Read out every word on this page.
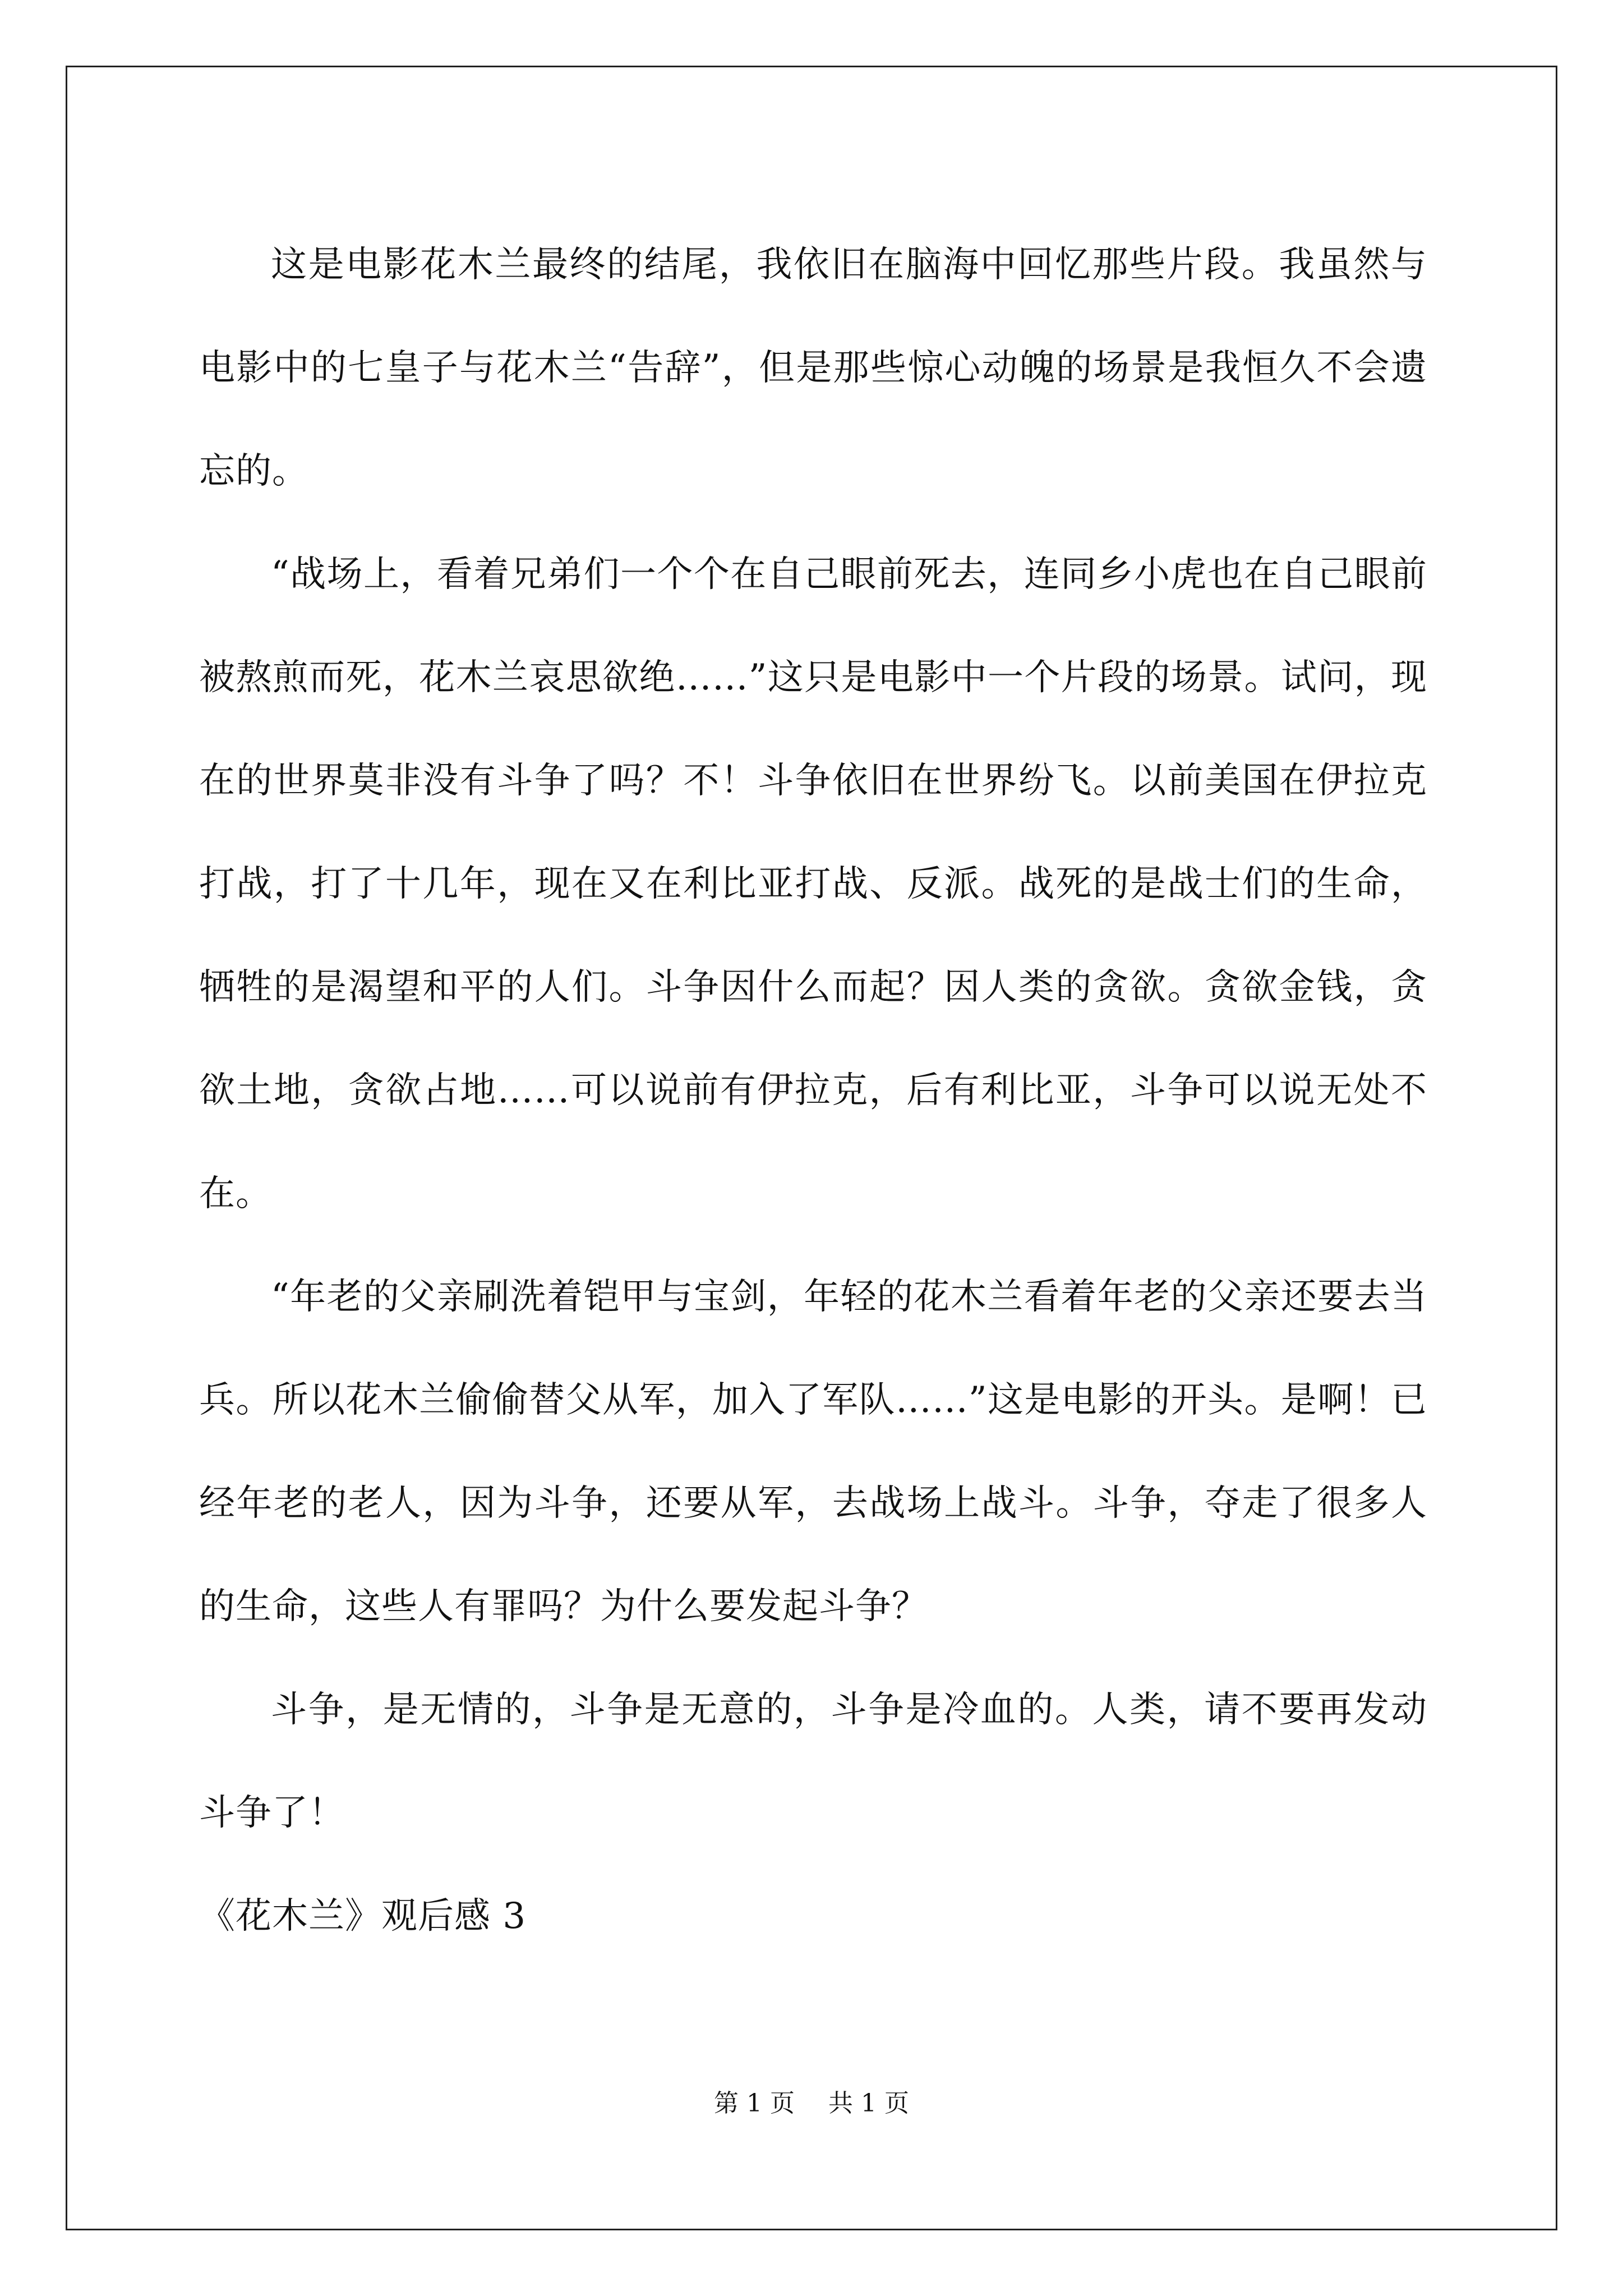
这是电影花木兰最终的结尾，我依旧在脑海中回忆那些片段。我虽然与电影中的七皇子与花木兰“告辞”，但是那些惊心动魄的场景是我恒久不会遗忘的。

“战场上，看着兄弟们一个个在自己眼前死去，连同乡小虎也在自己眼前被熬煎而死，花木兰哀思欲绝……”这只是电影中一个片段的场景。试问，现在的世界莫非没有斗争了吗？不！斗争依旧在世界纷飞。以前美国在伊拉克打战，打了十几年，现在又在利比亚打战、反派。战死的是战士们的生命，牺牲的是渴望和平的人们。斗争因什么而起？因人类的贪欲。贪欲金钱，贪欲土地，贪欲占地……可以说前有伊拉克，后有利比亚，斗争可以说无处不在。

“年老的父亲刷洗着铠甲与宝剑，年轻的花木兰看着年老的父亲还要去当兵。所以花木兰偷偷替父从军，加入了军队……”这是电影的开头。是啊！已经年老的老人，因为斗争，还要从军，去战场上战斗。斗争，夺走了很多人的生命，这些人有罪吗？为什么要发起斗争？

斗争，是无情的，斗争是无意的，斗争是冷血的。人类，请不要再发动斗争了！

《花木兰》观后感 3

第 1 页 共 1 页
